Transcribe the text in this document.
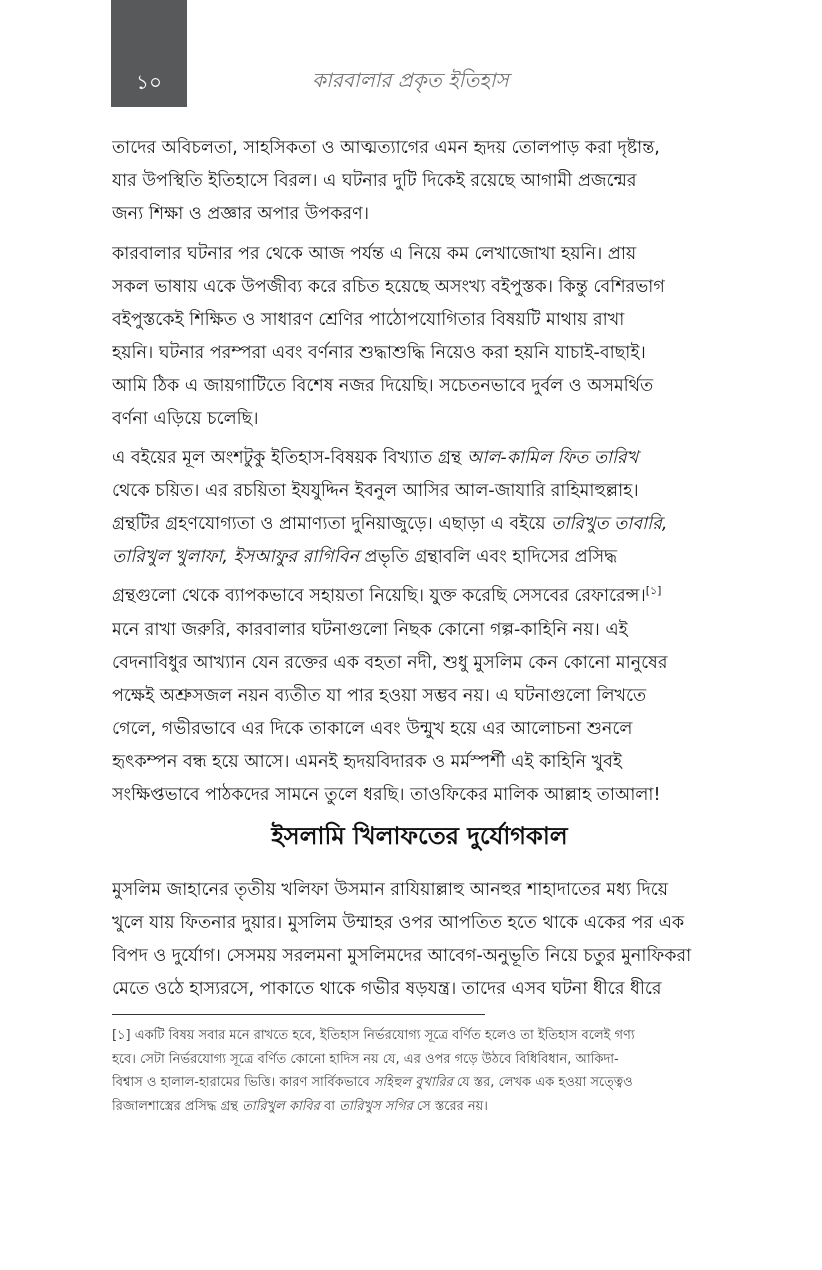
১০	কারবালার প্রকৃত ইতিহাস
তাদের অবিচলতা, সাহসিকতা ও আত্মত্যাগের এমন হৃদয় তোলপাড় করা দৃষ্টান্ত,
যার উপস্থিতি ইতিহাসে বিরল। এ ঘটনার দুটি দিকেই রয়েছে আগামী প্রজন্মের
জন্য শিক্ষা ও প্রজ্ঞার অপার উপকরণ।
কারবালার ঘটনার পর থেকে আজ পর্যন্ত এ নিয়ে কম লেখাজোখা হয়নি। প্রায়
সকল ভাষায় একে উপজীব্য করে রচিত হয়েছে অসংখ্য বইপুস্তক। কিন্তু বেশিরভাগ
বইপুস্তকেই শিক্ষিত ও সাধারণ শ্রেণির পাঠোপযোগিতার বিষয়টি মাথায় রাখা
হয়নি। ঘটনার পরম্পরা এবং বর্ণনার শুদ্ধাশুদ্ধি নিয়েও করা হয়নি যাচাই-বাছাই।
আমি ঠিক এ জায়গাটিতে বিশেষ নজর দিয়েছি। সচেতনভাবে দুর্বল ও অসমর্থিত
বর্ণনা এড়িয়ে চলেছি।
এ বইয়ের মূল অংশটুকু ইতিহাস-বিষয়ক বিখ্যাত গ্রন্থ আল-কামিল ফিত তারিখ
থেকে চয়িত। এর রচয়িতা ইযযুদ্দিন ইবনুল আসির আল-জাযারি রাহিমাহুল্লাহ।
গ্রন্থটির গ্রহণযোগ্যতা ও প্রামাণ্যতা দুনিয়াজুড়ে। এছাড়া এ বইয়ে তারিখুত তাবারি,
তারিখুল খুলাফা, ইসআফুর রাগিবিন প্রভৃতি গ্রন্থাবলি এবং হাদিসের প্রসিদ্ধ
গ্রন্থগুলো থেকে ব্যাপকভাবে সহায়তা নিয়েছি। যুক্ত করেছি সেসবের রেফারেন্স।[১]
মনে রাখা জরুরি, কারবালার ঘটনাগুলো নিছক কোনো গল্প-কাহিনি নয়। এই
বেদনাবিধুর আখ্যান যেন রক্তের এক বহতা নদী, শুধু মুসলিম কেন কোনো মানুষের
পক্ষেই অশ্রুসজল নয়ন ব্যতীত যা পার হওয়া সম্ভব নয়। এ ঘটনাগুলো লিখতে
গেলে, গভীরভাবে এর দিকে তাকালে এবং উন্মুখ হয়ে এর আলোচনা শুনলে
হৃৎকম্পন বন্ধ হয়ে আসে। এমনই হৃদয়বিদারক ও মর্মস্পর্শী এই কাহিনি খুবই
সংক্ষিপ্তভাবে পাঠকদের সামনে তুলে ধরছি। তাওফিকের মালিক আল্লাহ তাআলা!
ইসলামি খিলাফতের দুর্যোগকাল
মুসলিম জাহানের তৃতীয় খলিফা উসমান রাযিয়াল্লাহু আনহুর শাহাদাতের মধ্য দিয়ে
খুলে যায় ফিতনার দুয়ার। মুসলিম উম্মাহর ওপর আপতিত হতে থাকে একের পর এক
বিপদ ও দুর্যোগ। সেসময় সরলমনা মুসলিমদের আবেগ-অনুভূতি নিয়ে চতুর মুনাফিকরা
মেতে ওঠে হাস্যরসে, পাকাতে থাকে গভীর ষড়যন্ত্র। তাদের এসব ঘটনা ধীরে ধীরে
[১] একটি বিষয় সবার মনে রাখতে হবে, ইতিহাস নির্ভরযোগ্য সূত্রে বর্ণিত হলেও তা ইতিহাস বলেই গণ্য
হবে। সেটা নির্ভরযোগ্য সূত্রে বর্ণিত কোনো হাদিস নয় যে, এর ওপর গড়ে উঠবে বিধিবিধান, আকিদা-
বিশ্বাস ও হালাল-হারামের ভিত্তি। কারণ সার্বিকভাবে সহিহুল বুখারির যে স্তর, লেখক এক হওয়া সত্ত্বেও
রিজালশাস্ত্রের প্রসিদ্ধ গ্রন্থ তারিখুল কাবির বা তারিখুস সগির সে স্তরের নয়।
